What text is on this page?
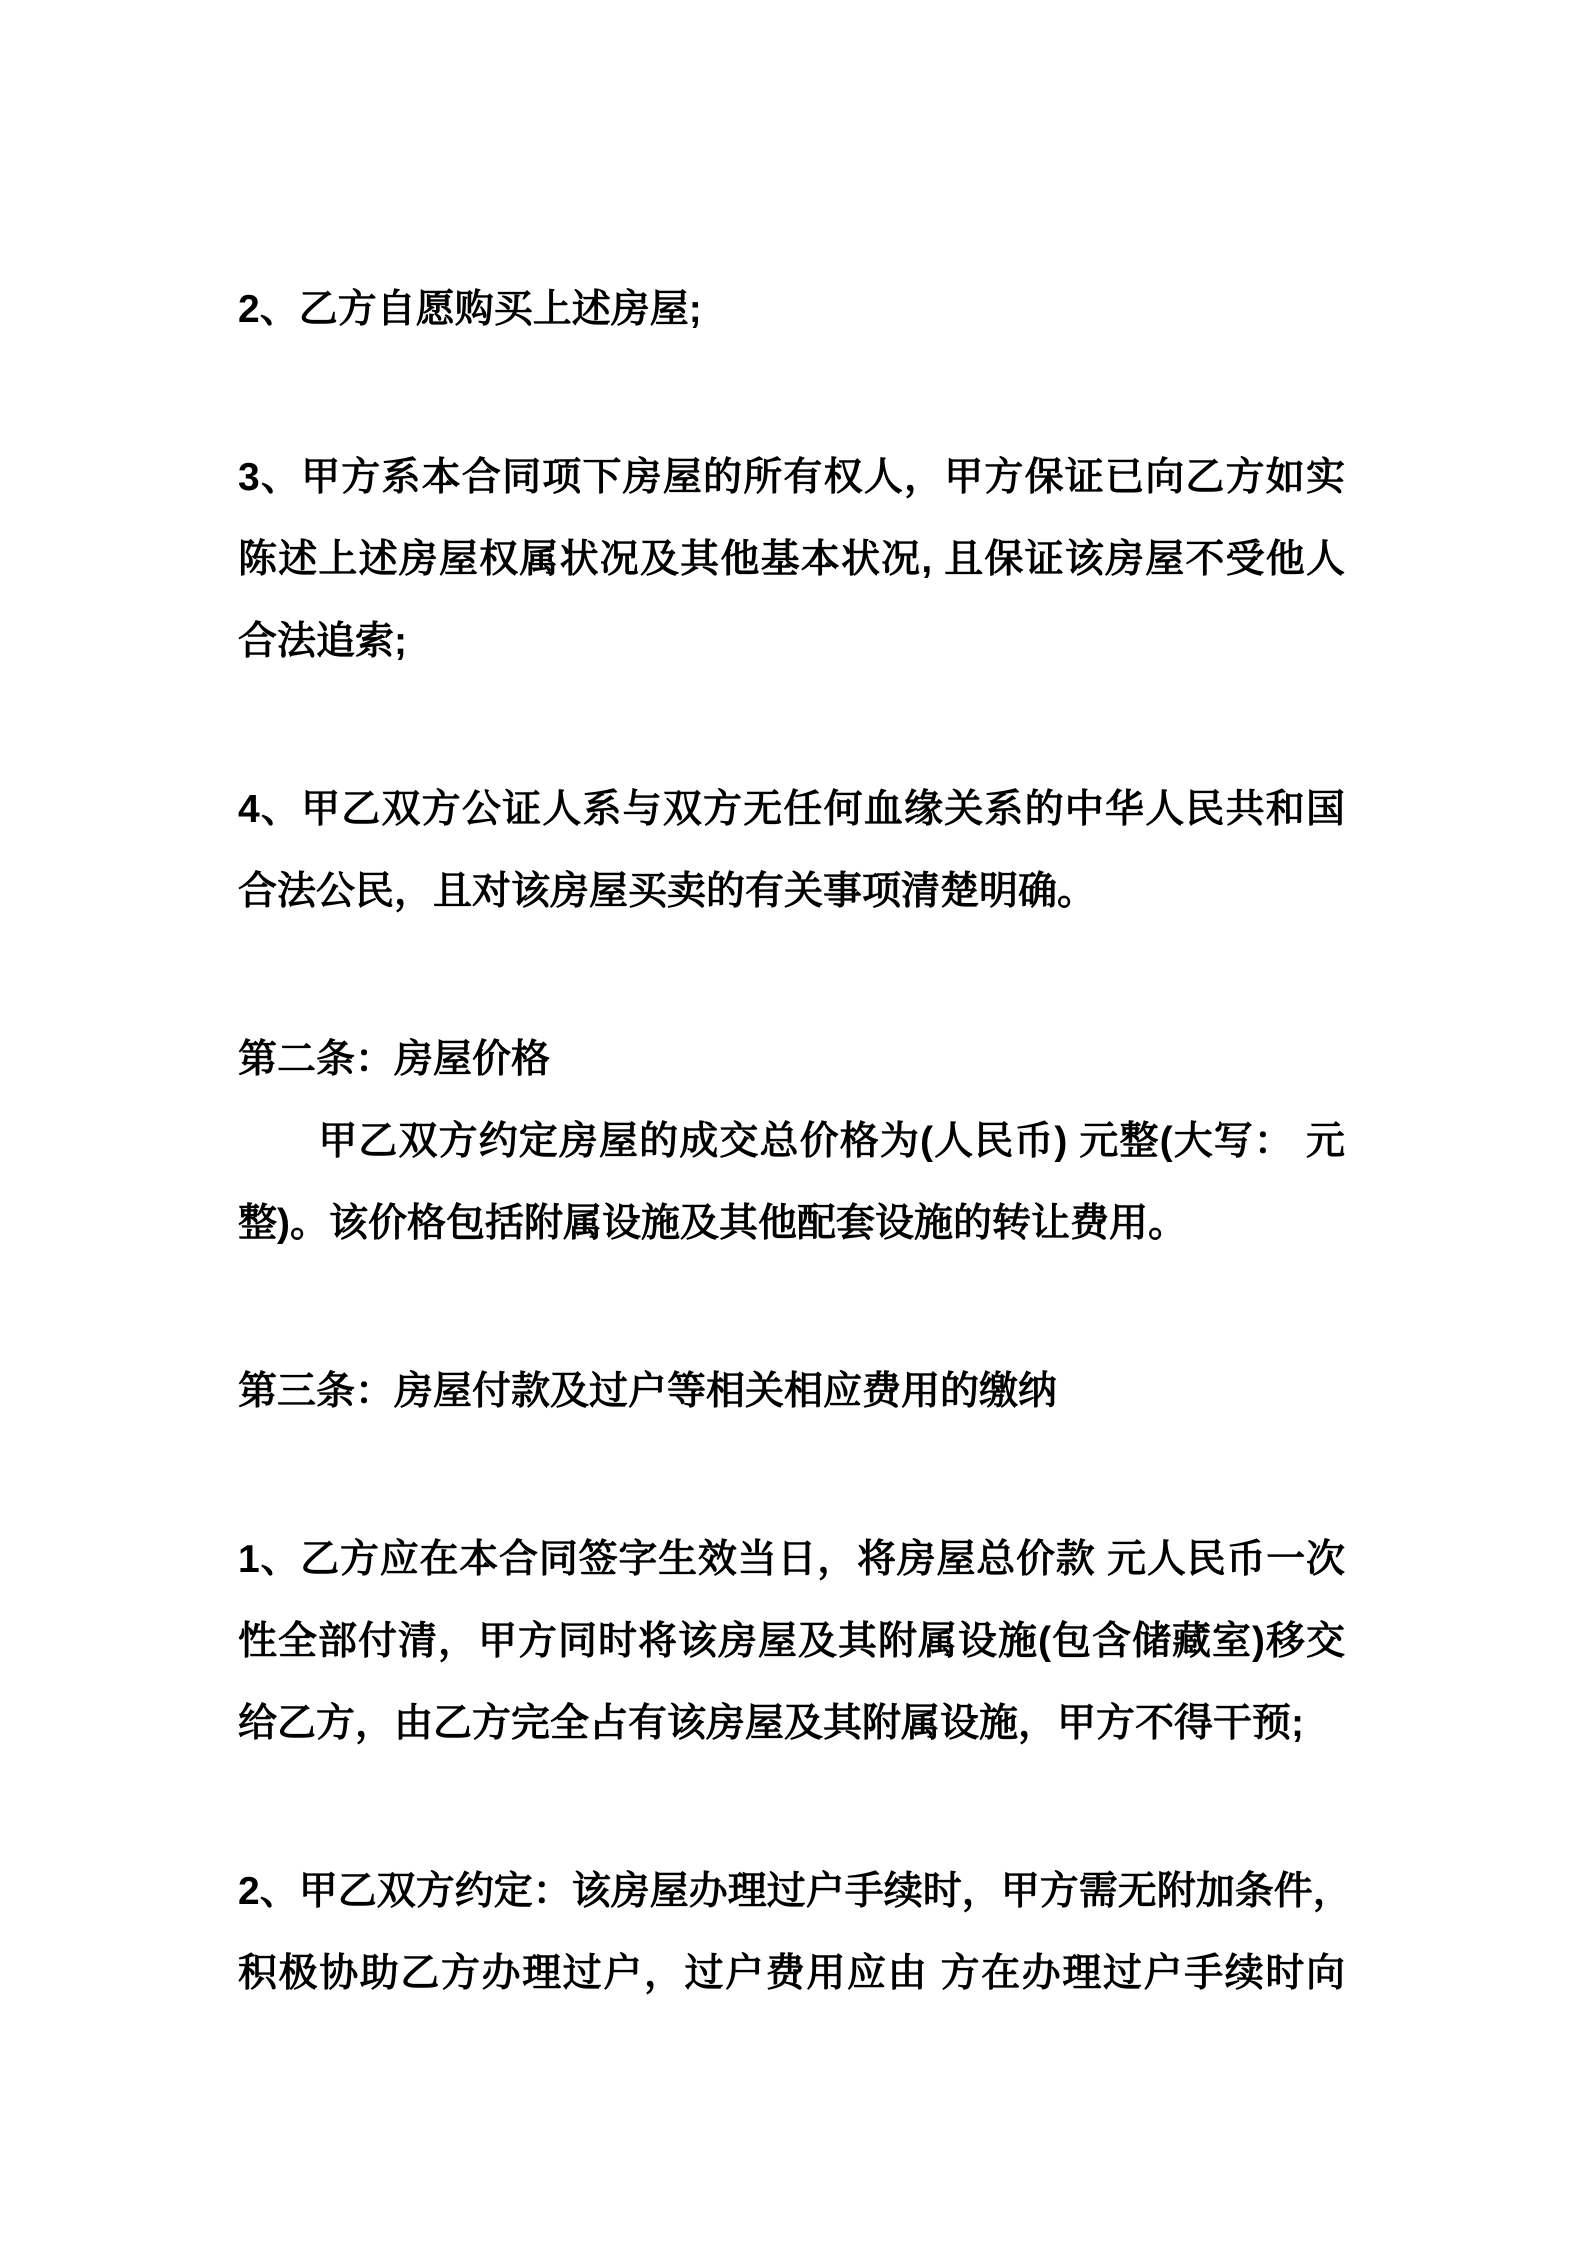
2、乙方自愿购买上述房屋;
3、甲方系本合同项下房屋的所有权人，甲方保证已向乙方如实
陈述上述房屋权属状况及其他基本状况, 且保证该房屋不受他人
合法追索;
4、甲乙双方公证人系与双方无任何血缘关系的中华人民共和国
合法公民，且对该房屋买卖的有关事项清楚明确。
第二条：房屋价格
　　甲乙双方约定房屋的成交总价格为(人民币) 元整(大写： 元
整)。该价格包括附属设施及其他配套设施的转让费用。
第三条：房屋付款及过户等相关相应费用的缴纳
1、乙方应在本合同签字生效当日，将房屋总价款 元人民币一次
性全部付清，甲方同时将该房屋及其附属设施(包含储藏室)移交
给乙方，由乙方完全占有该房屋及其附属设施，甲方不得干预;
2、甲乙双方约定：该房屋办理过户手续时，甲方需无附加条件，
积极协助乙方办理过户，过户费用应由 方在办理过户手续时向
